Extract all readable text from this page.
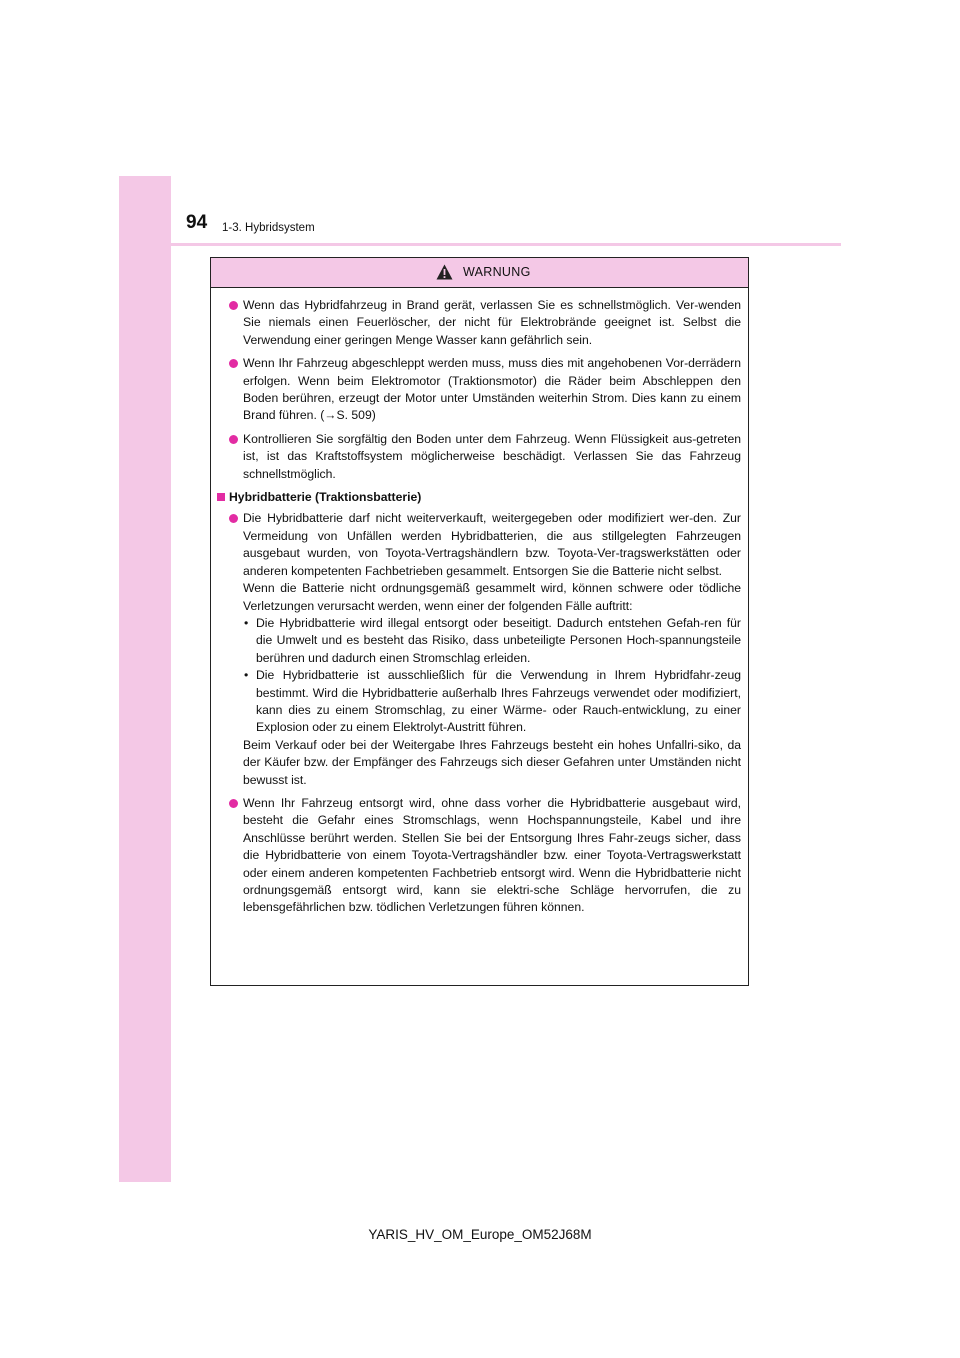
94 1-3. Hybridsystem
WARNUNG

Wenn das Hybridfahrzeug in Brand gerät, verlassen Sie es schnellstmöglich. Ver-wenden Sie niemals einen Feuerlöscher, der nicht für Elektrobrände geeignet ist. Selbst die Verwendung einer geringen Menge Wasser kann gefährlich sein.

Wenn Ihr Fahrzeug abgeschleppt werden muss, muss dies mit angehobenen Vor-derrädern erfolgen. Wenn beim Elektromotor (Traktionsmotor) die Räder beim Abschleppen den Boden berühren, erzeugt der Motor unter Umständen weiterhin Strom. Dies kann zu einem Brand führen. (→S. 509)

Kontrollieren Sie sorgfältig den Boden unter dem Fahrzeug. Wenn Flüssigkeit aus-getreten ist, ist das Kraftstoffsystem möglicherweise beschädigt. Verlassen Sie das Fahrzeug schnellstmöglich.

Hybridbatterie (Traktionsbatterie)

Die Hybridbatterie darf nicht weiterverkauft, weitergegeben oder modifiziert wer-den. Zur Vermeidung von Unfällen werden Hybridbatterien, die aus stillgelegten Fahrzeugen ausgebaut wurden, von Toyota-Vertragshändlern bzw. Toyota-Ver-tragswerkstätten oder anderen kompetenten Fachbetrieben gesammelt. Entsorgen Sie die Batterie nicht selbst.

Wenn die Batterie nicht ordnungsgemäß gesammelt wird, können schwere oder tödliche Verletzungen verursacht werden, wenn einer der folgenden Fälle auftritt:

• Die Hybridbatterie wird illegal entsorgt oder beseitigt. Dadurch entstehen Gefah-ren für die Umwelt und es besteht das Risiko, dass unbeteiligte Personen Hoch-spannungsteile berühren und dadurch einen Stromschlag erleiden.

• Die Hybridbatterie ist ausschließlich für die Verwendung in Ihrem Hybridfahr-zeug bestimmt. Wird die Hybridbatterie außerhalb Ihres Fahrzeugs verwendet oder modifiziert, kann dies zu einem Stromschlag, zu einer Wärme- oder Rauch-entwicklung, zu einer Explosion oder zu einem Elektrolyt-Austritt führen.

Beim Verkauf oder bei der Weitergabe Ihres Fahrzeugs besteht ein hohes Unfallri-siko, da der Käufer bzw. der Empfänger des Fahrzeugs sich dieser Gefahren unter Umständen nicht bewusst ist.

Wenn Ihr Fahrzeug entsorgt wird, ohne dass vorher die Hybridbatterie ausgebaut wird, besteht die Gefahr eines Stromschlags, wenn Hochspannungsteile, Kabel und ihre Anschlüsse berührt werden. Stellen Sie bei der Entsorgung Ihres Fahr-zeugs sicher, dass die Hybridbatterie von einem Toyota-Vertragshändler bzw. einer Toyota-Vertragswerkstatt oder einem anderen kompetenten Fachbetrieb entsorgt wird. Wenn die Hybridbatterie nicht ordnungsgemäß entsorgt wird, kann sie elektri-sche Schläge hervorrufen, die zu lebensgefährlichen bzw. tödlichen Verletzungen führen können.

YARIS_HV_OM_Europe_OM52J68M
